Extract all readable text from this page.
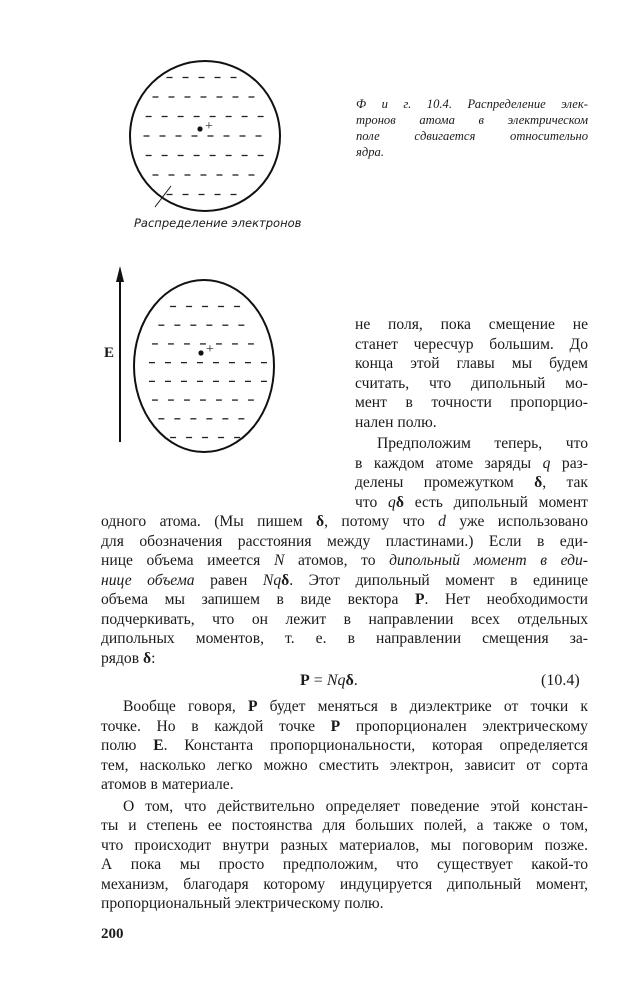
+
+
Ф и г. 10.4. Распределение элек-
тронов атома в электрическом
поле сдвигается относительно
ядра.
Распределение электронов
E
не поля, пока смещение не
станет чересчур большим. До
конца этой главы мы будем
считать, что дипольный мо-
мент в точности пропорцио-
нален полю.
Предположим теперь, что
в каждом атоме заряды q раз-
делены промежутком δ, так
что qδ есть дипольный момент
одного атома. (Мы пишем δ, потому что d уже использовано
для обозначения расстояния между пластинами.) Если в еди-
нице объема имеется N атомов, то дипольный момент в еди-
нице объема равен Nqδ. Этот дипольный момент в единице
объема мы запишем в виде вектора P. Нет необходимости
подчеркивать, что он лежит в направлении всех отдельных
дипольных моментов, т. е. в направлении смещения за-
рядов δ:
Вообще говоря, P будет меняться в диэлектрике от точки к
точке. Но в каждой точке P пропорционален электрическому
полю E. Константа пропорциональности, которая определяется
тем, насколько легко можно сместить электрон, зависит от сорта
атомов в материале.
О том, что действительно определяет поведение этой констан-
ты и степень ее постоянства для больших полей, а также о том,
что происходит внутри разных материалов, мы поговорим позже.
А пока мы просто предположим, что существует какой-то
механизм, благодаря которому индуцируется дипольный момент,
пропорциональный электрическому полю.
P = Nqδ.	(10.4)
200
